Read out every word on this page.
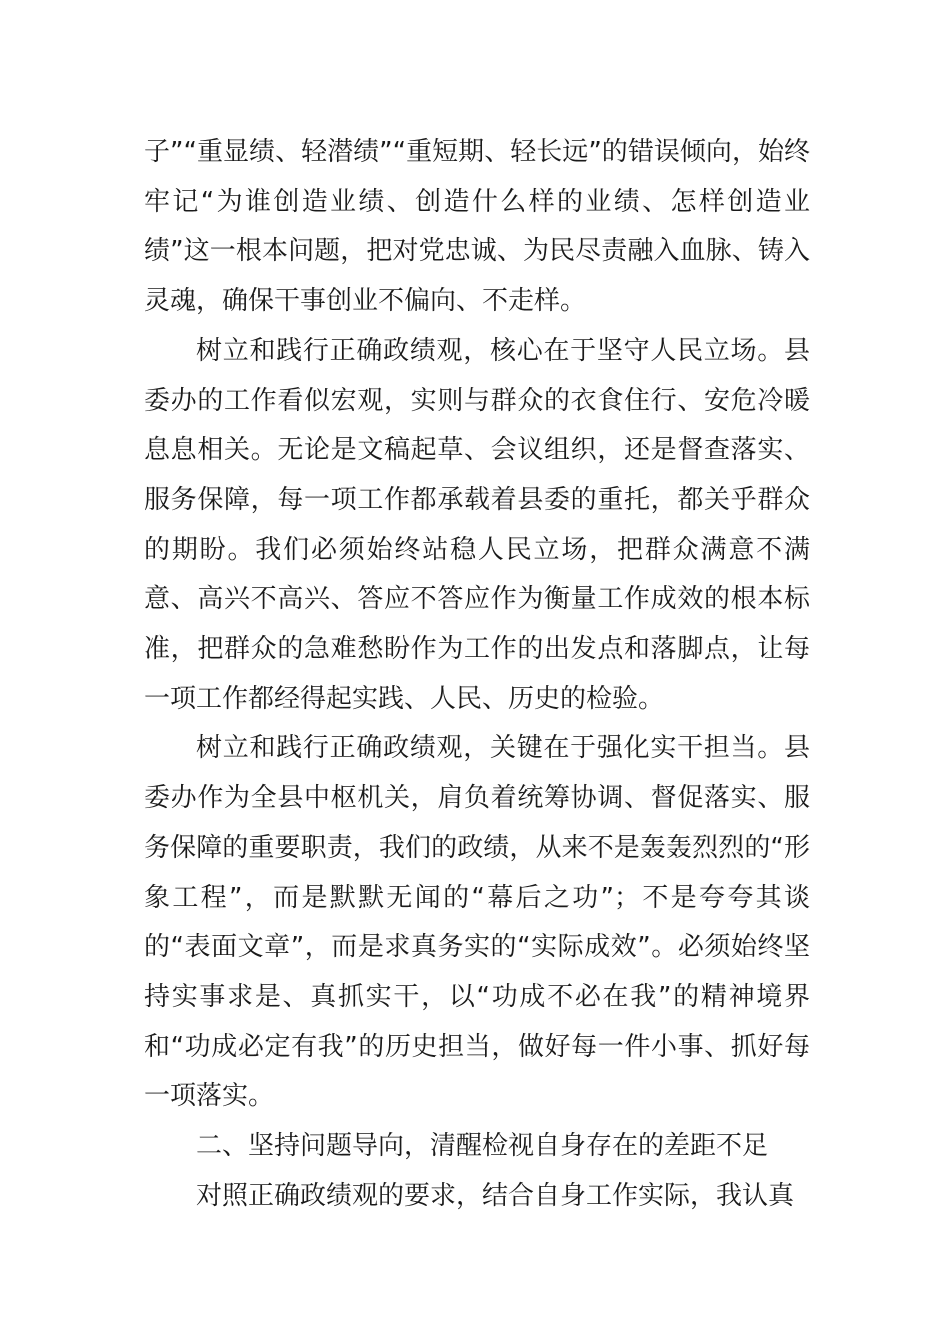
子”“重显绩、轻潜绩”“重短期、轻长远”的错误倾向，始终牢记“为谁创造业绩、创造什么样的业绩、怎样创造业绩”这一根本问题，把对党忠诚、为民尽责融入血脉、铸入灵魂，确保干事创业不偏向、不走样。

树立和践行正确政绩观，核心在于坚守人民立场。县委办的工作看似宏观，实则与群众的衣食住行、安危冷暖息息相关。无论是文稿起草、会议组织，还是督查落实、服务保障，每一项工作都承载着县委的重托，都关乎群众的期盼。我们必须始终站稳人民立场，把群众满意不满意、高兴不高兴、答应不答应作为衡量工作成效的根本标准，把群众的急难愁盼作为工作的出发点和落脚点，让每一项工作都经得起实践、人民、历史的检验。

树立和践行正确政绩观，关键在于强化实干担当。县委办作为全县中枢机关，肩负着统筹协调、督促落实、服务保障的重要职责，我们的政绩，从来不是轰轰烈烈的“形象工程”，而是默默无闻的“幕后之功”；不是夸夸其谈的“表面文章”，而是求真务实的“实际成效”。必须始终坚持实事求是、真抓实干，以“功成不必在我”的精神境界和“功成必定有我”的历史担当，做好每一件小事、抓好每一项落实。

二、坚持问题导向，清醒检视自身存在的差距不足

对照正确政绩观的要求，结合自身工作实际，我认真
